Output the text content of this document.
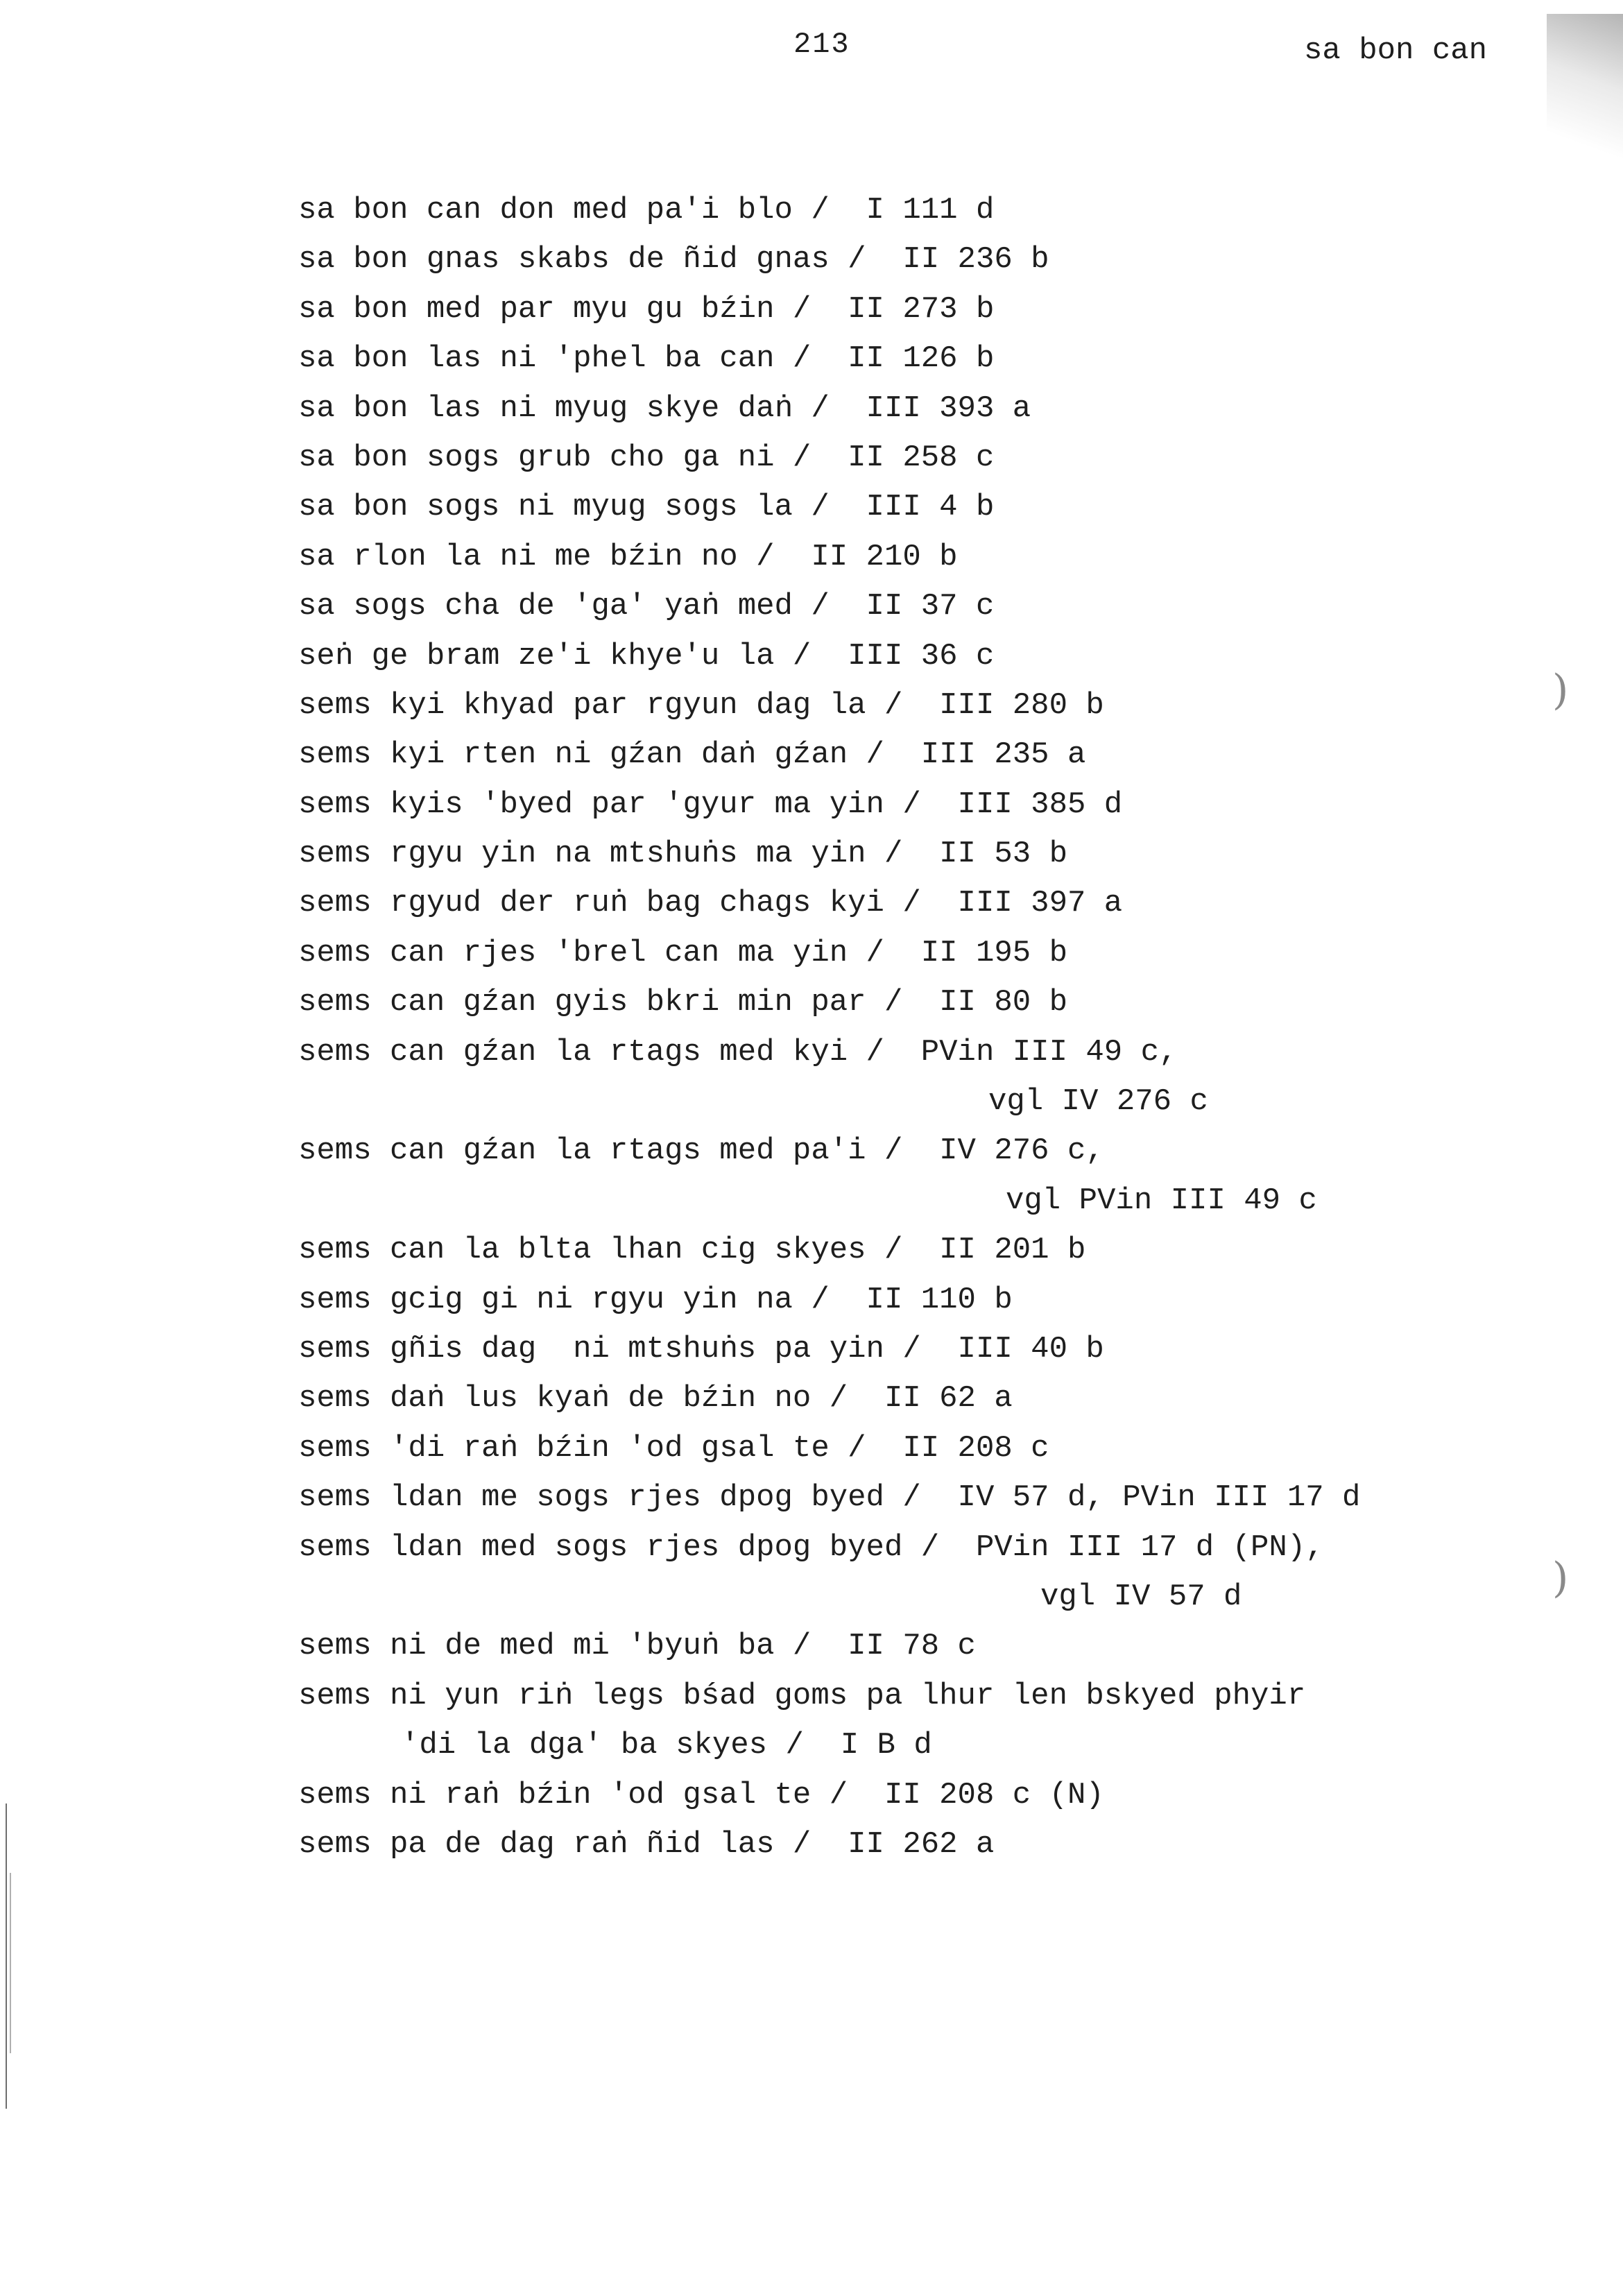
213	sa bon can
sa bon can don med pa'i blo /  I 111 d
sa bon gnas skabs de ñid gnas /  II 236 b
sa bon med par myu gu bźin /  II 273 b
sa bon las ni 'phel ba can /  II 126 b
sa bon las ni myug skye daṅ /  III 393 a
sa bon sogs grub cho ga ni /  II 258 c
sa bon sogs ni myug sogs la /  III 4 b
sa rlon la ni me bźin no /  II 210 b
sa sogs cha de 'ga' yaṅ med /  II 37 c
seṅ ge bram ze'i khye'u la /  III 36 c
sems kyi khyad par rgyun dag la /  III 280 b
sems kyi rten ni gźan daṅ gźan /  III 235 a
sems kyis 'byed par 'gyur ma yin /  III 385 d
sems rgyu yin na mtshuṅs ma yin /  II 53 b
sems rgyud der ruṅ bag chags kyi /  III 397 a
sems can rjes 'brel can ma yin /  II 195 b
sems can gźan gyis bkri min par /  II 80 b
sems can gźan la rtags med kyi /  PVin III 49 c,
vgl IV 276 c
sems can gźan la rtags med pa'i /  IV 276 c,
vgl PVin III 49 c
sems can la blta lhan cig skyes /  II 201 b
sems gcig gi ni rgyu yin na /  II 110 b
sems gñis dag  ni mtshuṅs pa yin /  III 40 b
sems daṅ lus kyaṅ de bźin no /  II 62 a
sems 'di raṅ bźin 'od gsal te /  II 208 c
sems ldan me sogs rjes dpog byed /  IV 57 d, PVin III 17 d
sems ldan med sogs rjes dpog byed /  PVin III 17 d (PN),
vgl IV 57 d
sems ni de med mi 'byuṅ ba /  II 78 c
sems ni yun riṅ legs bśad goms pa lhur len bskyed phyir
'di la dga' ba skyes /  I B d
sems ni raṅ bźin 'od gsal te /  II 208 c (N)
sems pa de dag raṅ ñid las /  II 262 a
)
)
